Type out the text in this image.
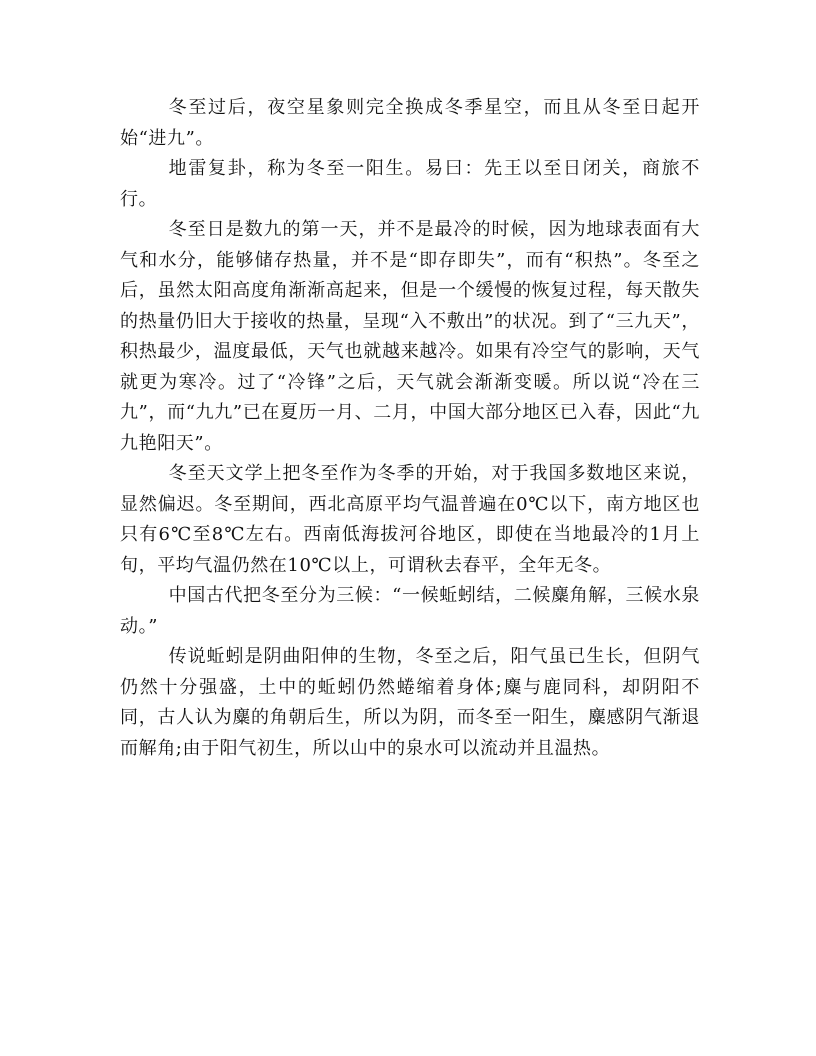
冬至过后，夜空星象则完全换成冬季星空，而且从冬至日起开始“进九”。

地雷复卦，称为冬至一阳生。易曰：先王以至日闭关，商旅不行。

冬至日是数九的第一天，并不是最冷的时候，因为地球表面有大气和水分，能够储存热量，并不是“即存即失”，而有“积热”。冬至之后，虽然太阳高度角渐渐高起来，但是一个缓慢的恢复过程，每天散失的热量仍旧大于接收的热量，呈现“入不敷出”的状况。到了“三九天”，积热最少，温度最低，天气也就越来越冷。如果有冷空气的影响，天气就更为寒冷。过了“冷锋”之后，天气就会渐渐变暖。所以说“冷在三九”，而“九九”已在夏历一月、二月，中国大部分地区已入春，因此“九九艳阳天”。

冬至天文学上把冬至作为冬季的开始，对于我国多数地区来说，显然偏迟。冬至期间，西北高原平均气温普遍在0℃以下，南方地区也只有6℃至8℃左右。西南低海拔河谷地区，即使在当地最冷的1月上旬，平均气温仍然在10℃以上，可谓秋去春平，全年无冬。

中国古代把冬至分为三候：“一候蚯蚓结，二候麋角解，三候水泉动。”

传说蚯蚓是阴曲阳伸的生物，冬至之后，阳气虽已生长，但阴气仍然十分强盛，土中的蚯蚓仍然蜷缩着身体;麋与鹿同科，却阴阳不同，古人认为麋的角朝后生，所以为阴，而冬至一阳生，麋感阴气渐退而解角;由于阳气初生，所以山中的泉水可以流动并且温热。
